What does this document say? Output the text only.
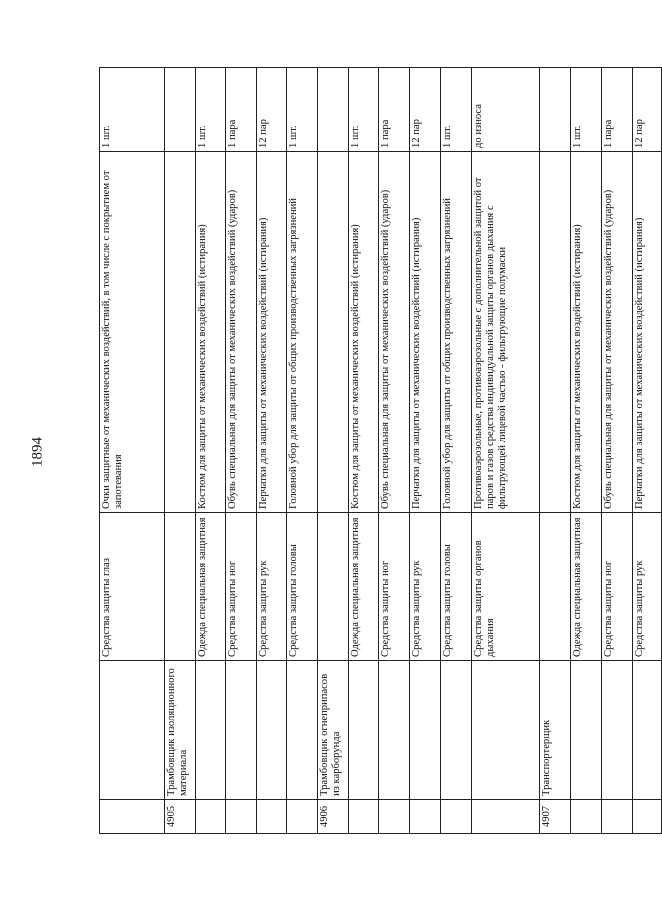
1894
		Средства защиты глаз	Очки защитные от механических воздействий, в том числе с покрытием от запотевания	1 шт.
4905	Трамбовщик изоляционного материала			
		Одежда специальная защитная	Костюм для защиты от механических воздействий (истирания)	1 шт.
		Средства защиты ног	Обувь специальная для защиты от механических воздействий (ударов)	1 пара
		Средства защиты рук	Перчатки для защиты от механических воздействий (истирания)	12 пар
		Средства защиты головы	Головной убор для защиты от общих производственных загрязнений	1 шт.
4906	Трамбовщик огнеприпасов из карборунда			
		Одежда специальная защитная	Костюм для защиты от механических воздействий (истирания)	1 шт.
		Средства защиты ног	Обувь специальная для защиты от механических воздействий (ударов)	1 пара
		Средства защиты рук	Перчатки для защиты от механических воздействий (истирания)	12 пар
		Средства защиты головы	Головной убор для защиты от общих производственных загрязнений	1 шт.
		Средства защиты органов дыхания	Противоаэрозольные, противоаэрозольные с дополнительной защитой от паров и газов средства индивидуальной защиты органов дыхания с фильтрующей лицевой частью - фильтрующие полумаски	до износа
4907	Транспортерщик			
		Одежда специальная защитная	Костюм для защиты от механических воздействий (истирания)	1 шт.
		Средства защиты ног	Обувь специальная для защиты от механических воздействий (ударов)	1 пара
		Средства защиты рук	Перчатки для защиты от механических воздействий (истирания)	12 пар
